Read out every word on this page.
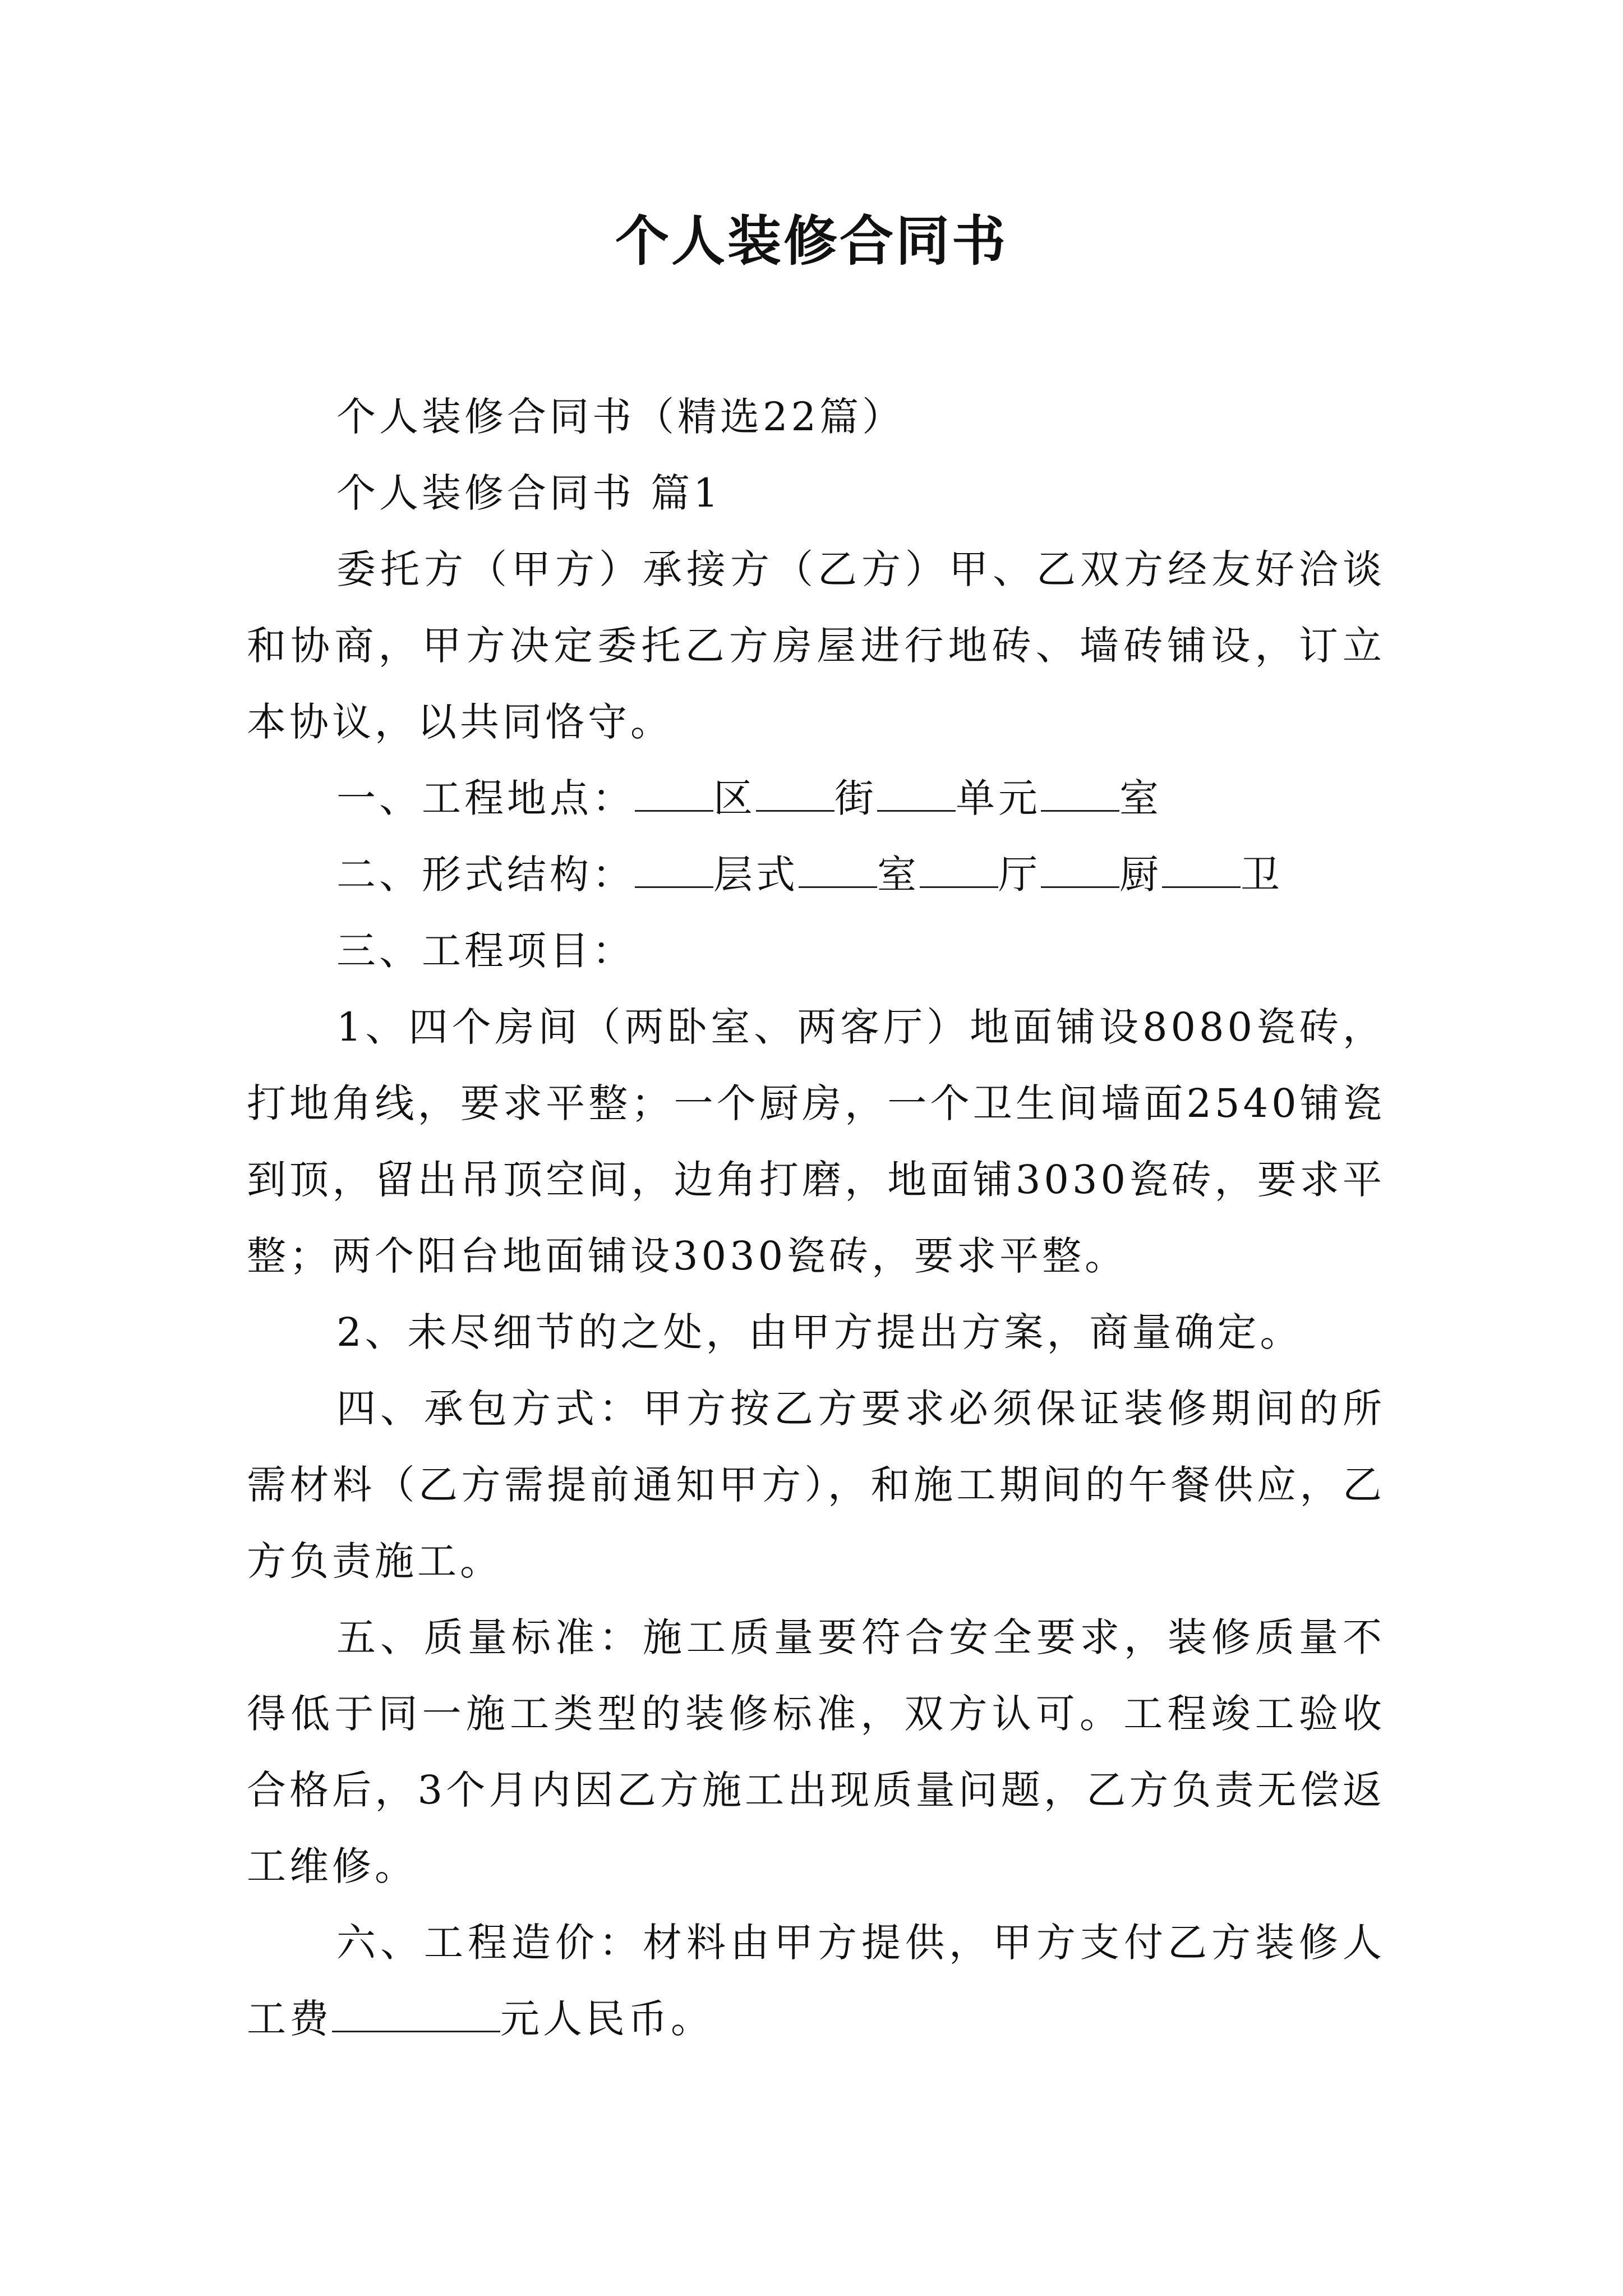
个人装修合同书

个人装修合同书（精选22篇）

个人装修合同书 篇1

委托方（甲方）承接方（乙方）甲、乙双方经友好洽谈和协商，甲方决定委托乙方房屋进行地砖、墙砖铺设，订立本协议，以共同恪守。

一、工程地点： 区 街 单元 室

二、形式结构： 层式 室 厅 厨 卫

三、工程项目：

1、四个房间（两卧室、两客厅）地面铺设8080瓷砖，打地角线，要求平整；一个厨房，一个卫生间墙面2540铺瓷到顶，留出吊顶空间，边角打磨，地面铺3030瓷砖，要求平整；两个阳台地面铺设3030瓷砖，要求平整。

2、未尽细节的之处，由甲方提出方案，商量确定。

四、承包方式：甲方按乙方要求必须保证装修期间的所需材料（乙方需提前通知甲方），和施工期间的午餐供应，乙方负责施工。

五、质量标准：施工质量要符合安全要求，装修质量不得低于同一施工类型的装修标准，双方认可。工程竣工验收合格后，3个月内因乙方施工出现质量问题，乙方负责无偿返工维修。

六、工程造价：材料由甲方提供，甲方支付乙方装修人工费	元人民币。
